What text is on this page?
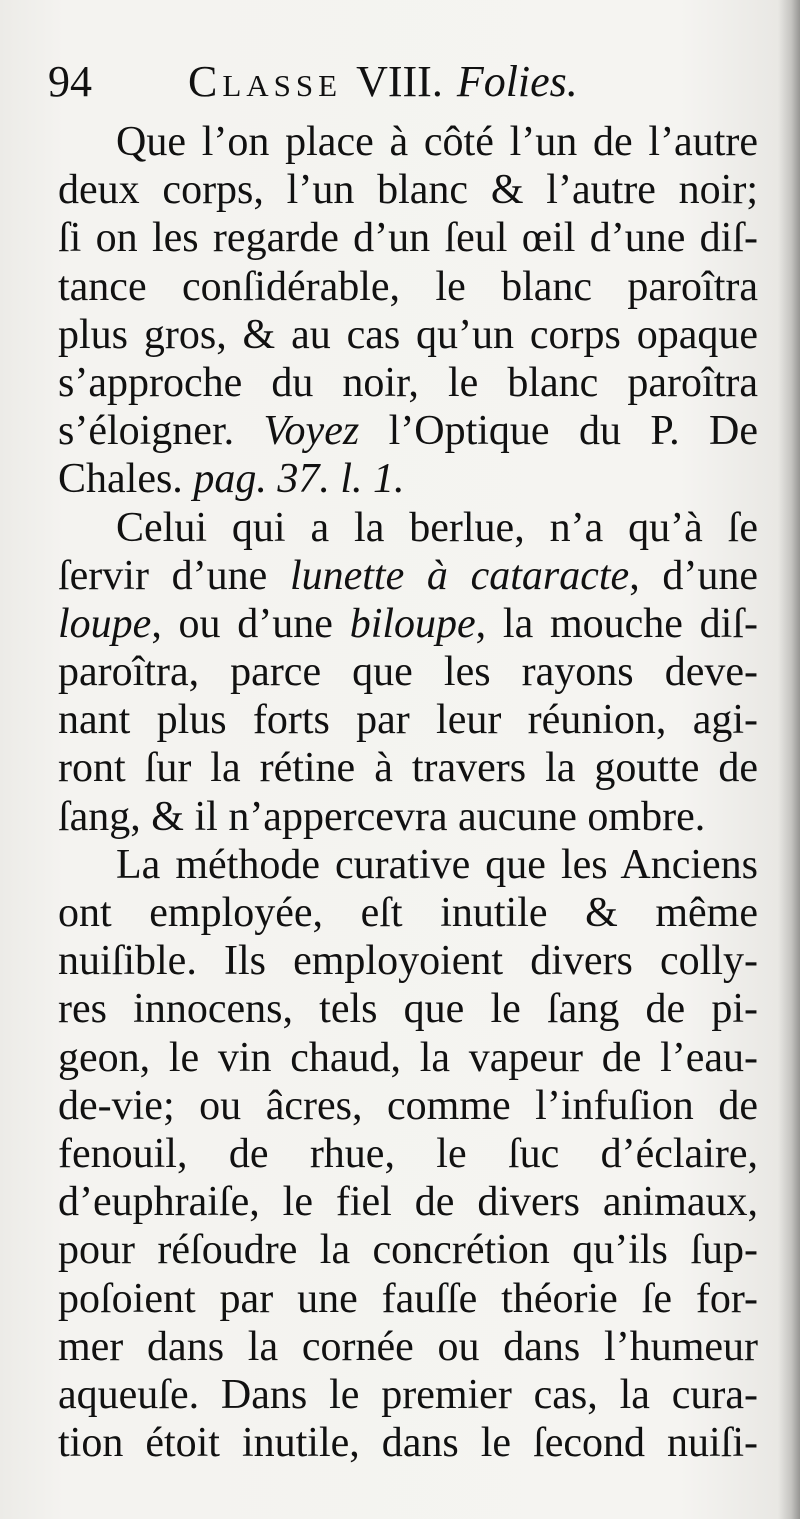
94 Classe VIII. Folies.
Que l’on place à côté l’un de l’autre
deux corps, l’un blanc & l’autre noir;
ſi on les regarde d’un ſeul œil d’une diſ-
tance conſidérable, le blanc paroîtra
plus gros, & au cas qu’un corps opaque
s’approche du noir, le blanc paroîtra
s’éloigner. Voyez l’Optique du P. De
Chales. pag. 37. l. 1.
Celui qui a la berlue, n’a qu’à ſe
ſervir d’une lunette à cataracte, d’une
loupe, ou d’une biloupe, la mouche diſ-
paroîtra, parce que les rayons deve-
nant plus forts par leur réunion, agi-
ront ſur la rétine à travers la goutte de
ſang, & il n’appercevra aucune ombre.
La méthode curative que les Anciens
ont employée, eſt inutile & même
nuiſible. Ils employoient divers colly-
res innocens, tels que le ſang de pi-
geon, le vin chaud, la vapeur de l’eau-
de-vie; ou âcres, comme l’infuſion de
fenouil, de rhue, le ſuc d’éclaire,
d’euphraiſe, le fiel de divers animaux,
pour réſoudre la concrétion qu’ils ſup-
poſoient par une fauſſe théorie ſe for-
mer dans la cornée ou dans l’humeur
aqueuſe. Dans le premier cas, la cura-
tion étoit inutile, dans le ſecond nuiſi-
